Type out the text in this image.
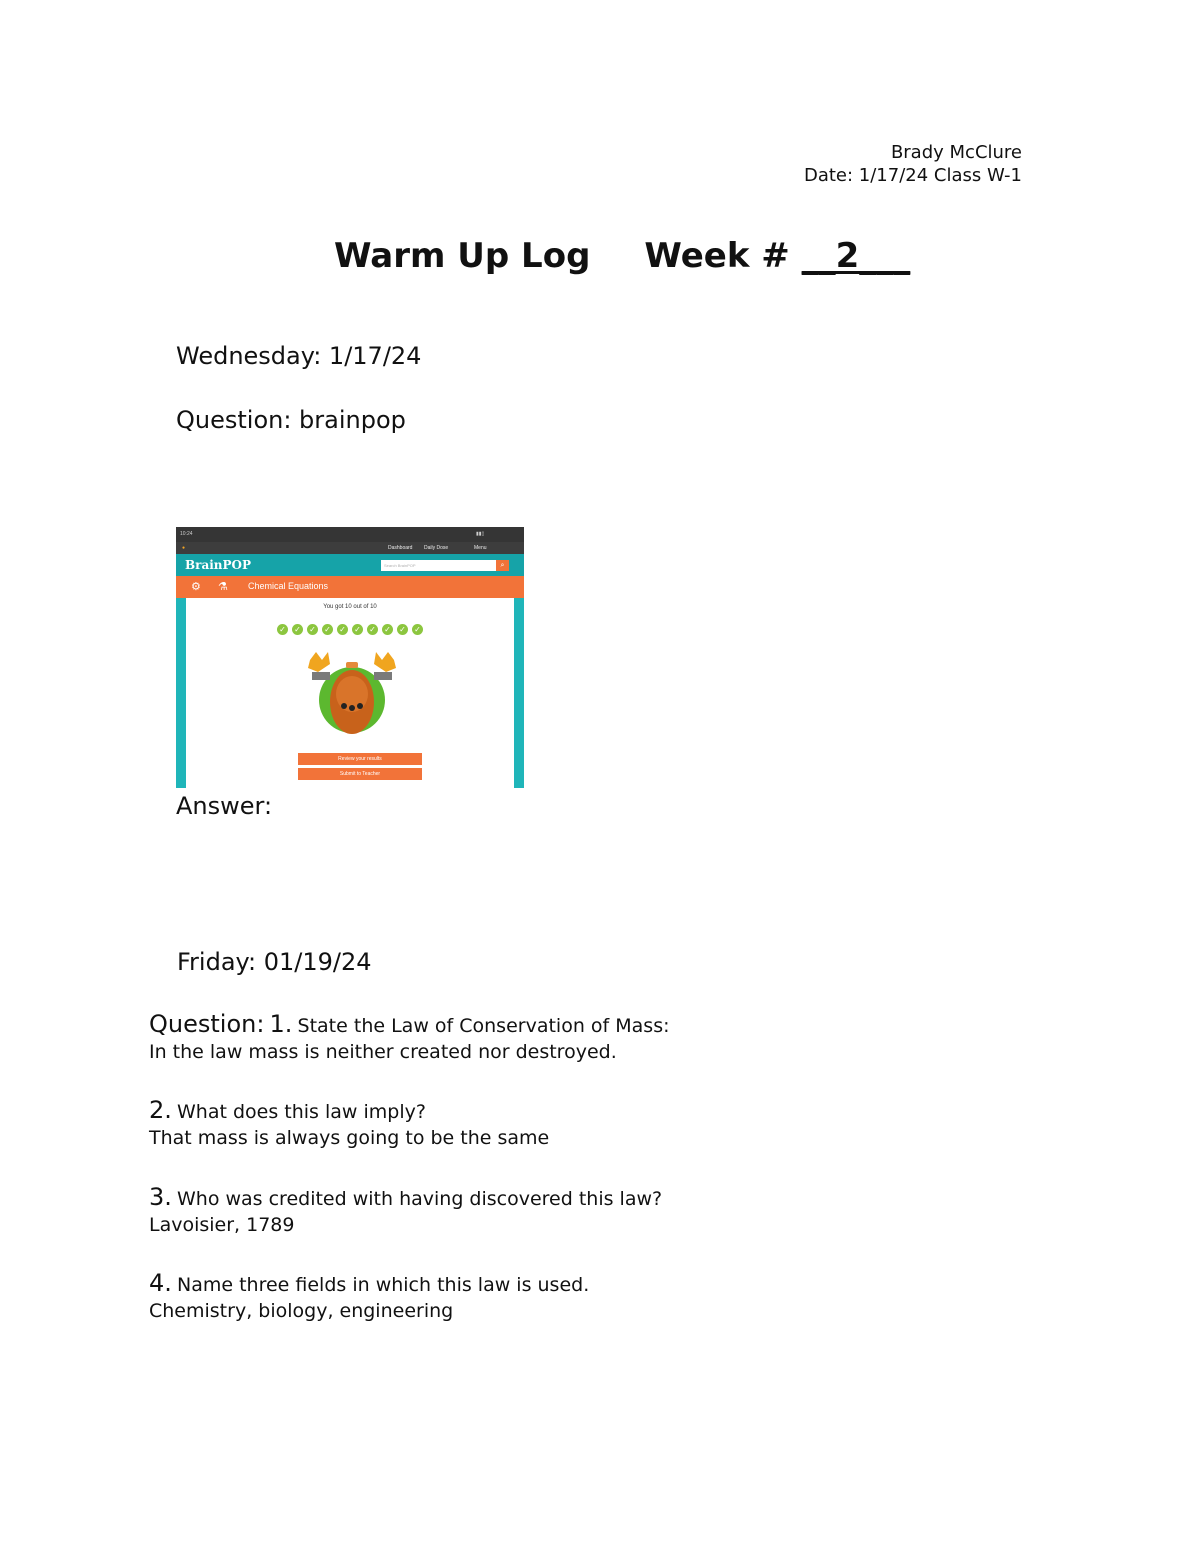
Brady McClure
Date: 1/17/24 Class W-1
Warm Up Log Week # __2___
Wednesday: 1/17/24
Question: brainpop
10:24	▮▮▯
●	Dashboard Daily Dose	Menu
BrainPOP	Search BrainPOP	⌕
⚙ ⚗ Chemical Equations
You got 10 out of 10
✓ ✓ ✓ ✓ ✓ ✓ ✓ ✓ ✓ ✓
Review your results
Submit to Teacher
Answer:
Friday: 01/19/24
Question: 1. State the Law of Conservation of Mass:
In the law mass is neither created nor destroyed.
2. What does this law imply?
That mass is always going to be the same
3. Who was credited with having discovered this law?
Lavoisier, 1789
4. Name three fields in which this law is used.
Chemistry, biology, engineering
